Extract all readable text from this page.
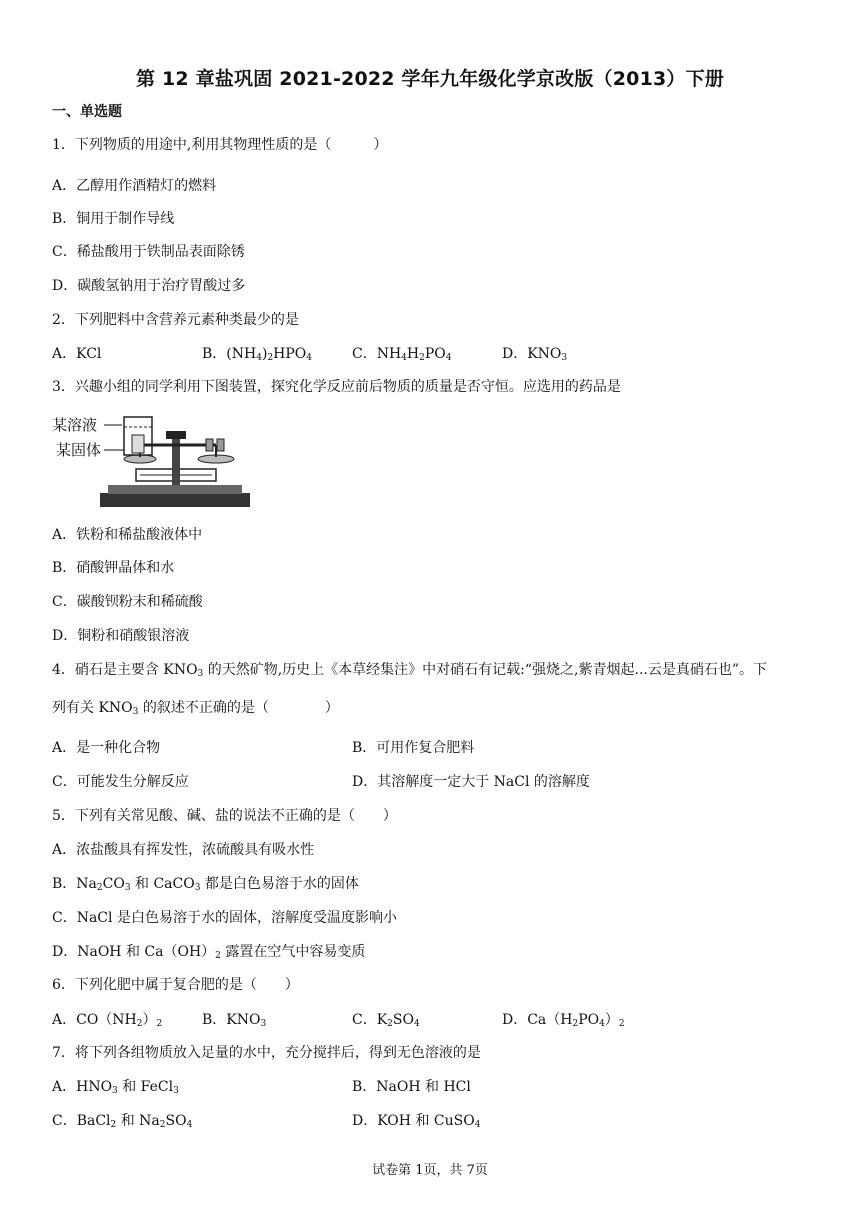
第 12 章盐巩固 2021-2022 学年九年级化学京改版（2013）下册
一、单选题
1．下列物质的用途中,利用其物理性质的是（　　　）
A．乙醇用作酒精灯的燃料
B．铜用于制作导线
C．稀盐酸用于铁制品表面除锈
D．碳酸氢钠用于治疗胃酸过多
2．下列肥料中含营养元素种类最少的是
A．KCl	B．$(NH_4)_2HPO_4$	C．$NH_4H_2PO_4$	D．$KNO_3$
3．兴趣小组的同学利用下图装置，探究化学反应前后物质的质量是否守恒。应选用的药品是
某溶液
某固体
A．铁粉和稀盐酸液体中
B．硝酸钾晶体和水
C．碳酸钡粉末和稀硫酸
D．铜粉和硝酸银溶液
4．硝石是主要含 $KNO_3$ 的天然矿物,历史上《本草经集注》中对硝石有记载:“强烧之,紫青烟起...云是真硝石也”。下
列有关 $KNO_3$ 的叙述不正确的是（　　　　）
A．是一种化合物	B．可用作复合肥料
C．可能发生分解反应	D．其溶解度一定大于 NaCl 的溶解度
5．下列有关常见酸、碱、盐的说法不正确的是（　　）
A．浓盐酸具有挥发性，浓硫酸具有吸水性
B．$Na_2CO_3$ 和 CaCO$_3$ 都是白色易溶于水的固体
C．NaCl 是白色易溶于水的固体，溶解度受温度影响小
D．NaOH 和 $Ca(OH)_2$ 露置在空气中容易变质
6．下列化肥中属于复合肥的是（　　）
A．$CO(NH_2)_2$	B．$KNO_3$	C．$K_2SO_4$	D．$Ca(H_2PO_4)_2$
7．将下列各组物质放入足量的水中，充分搅拌后，得到无色溶液的是
A．$HNO_3$ 和 FeCl$_3$	B．NaOH 和 HCl
C．BaCl$_2$ 和 $Na_2SO_4$	D．KOH 和 CuSO$_4$
试卷第 1页，共 7页
